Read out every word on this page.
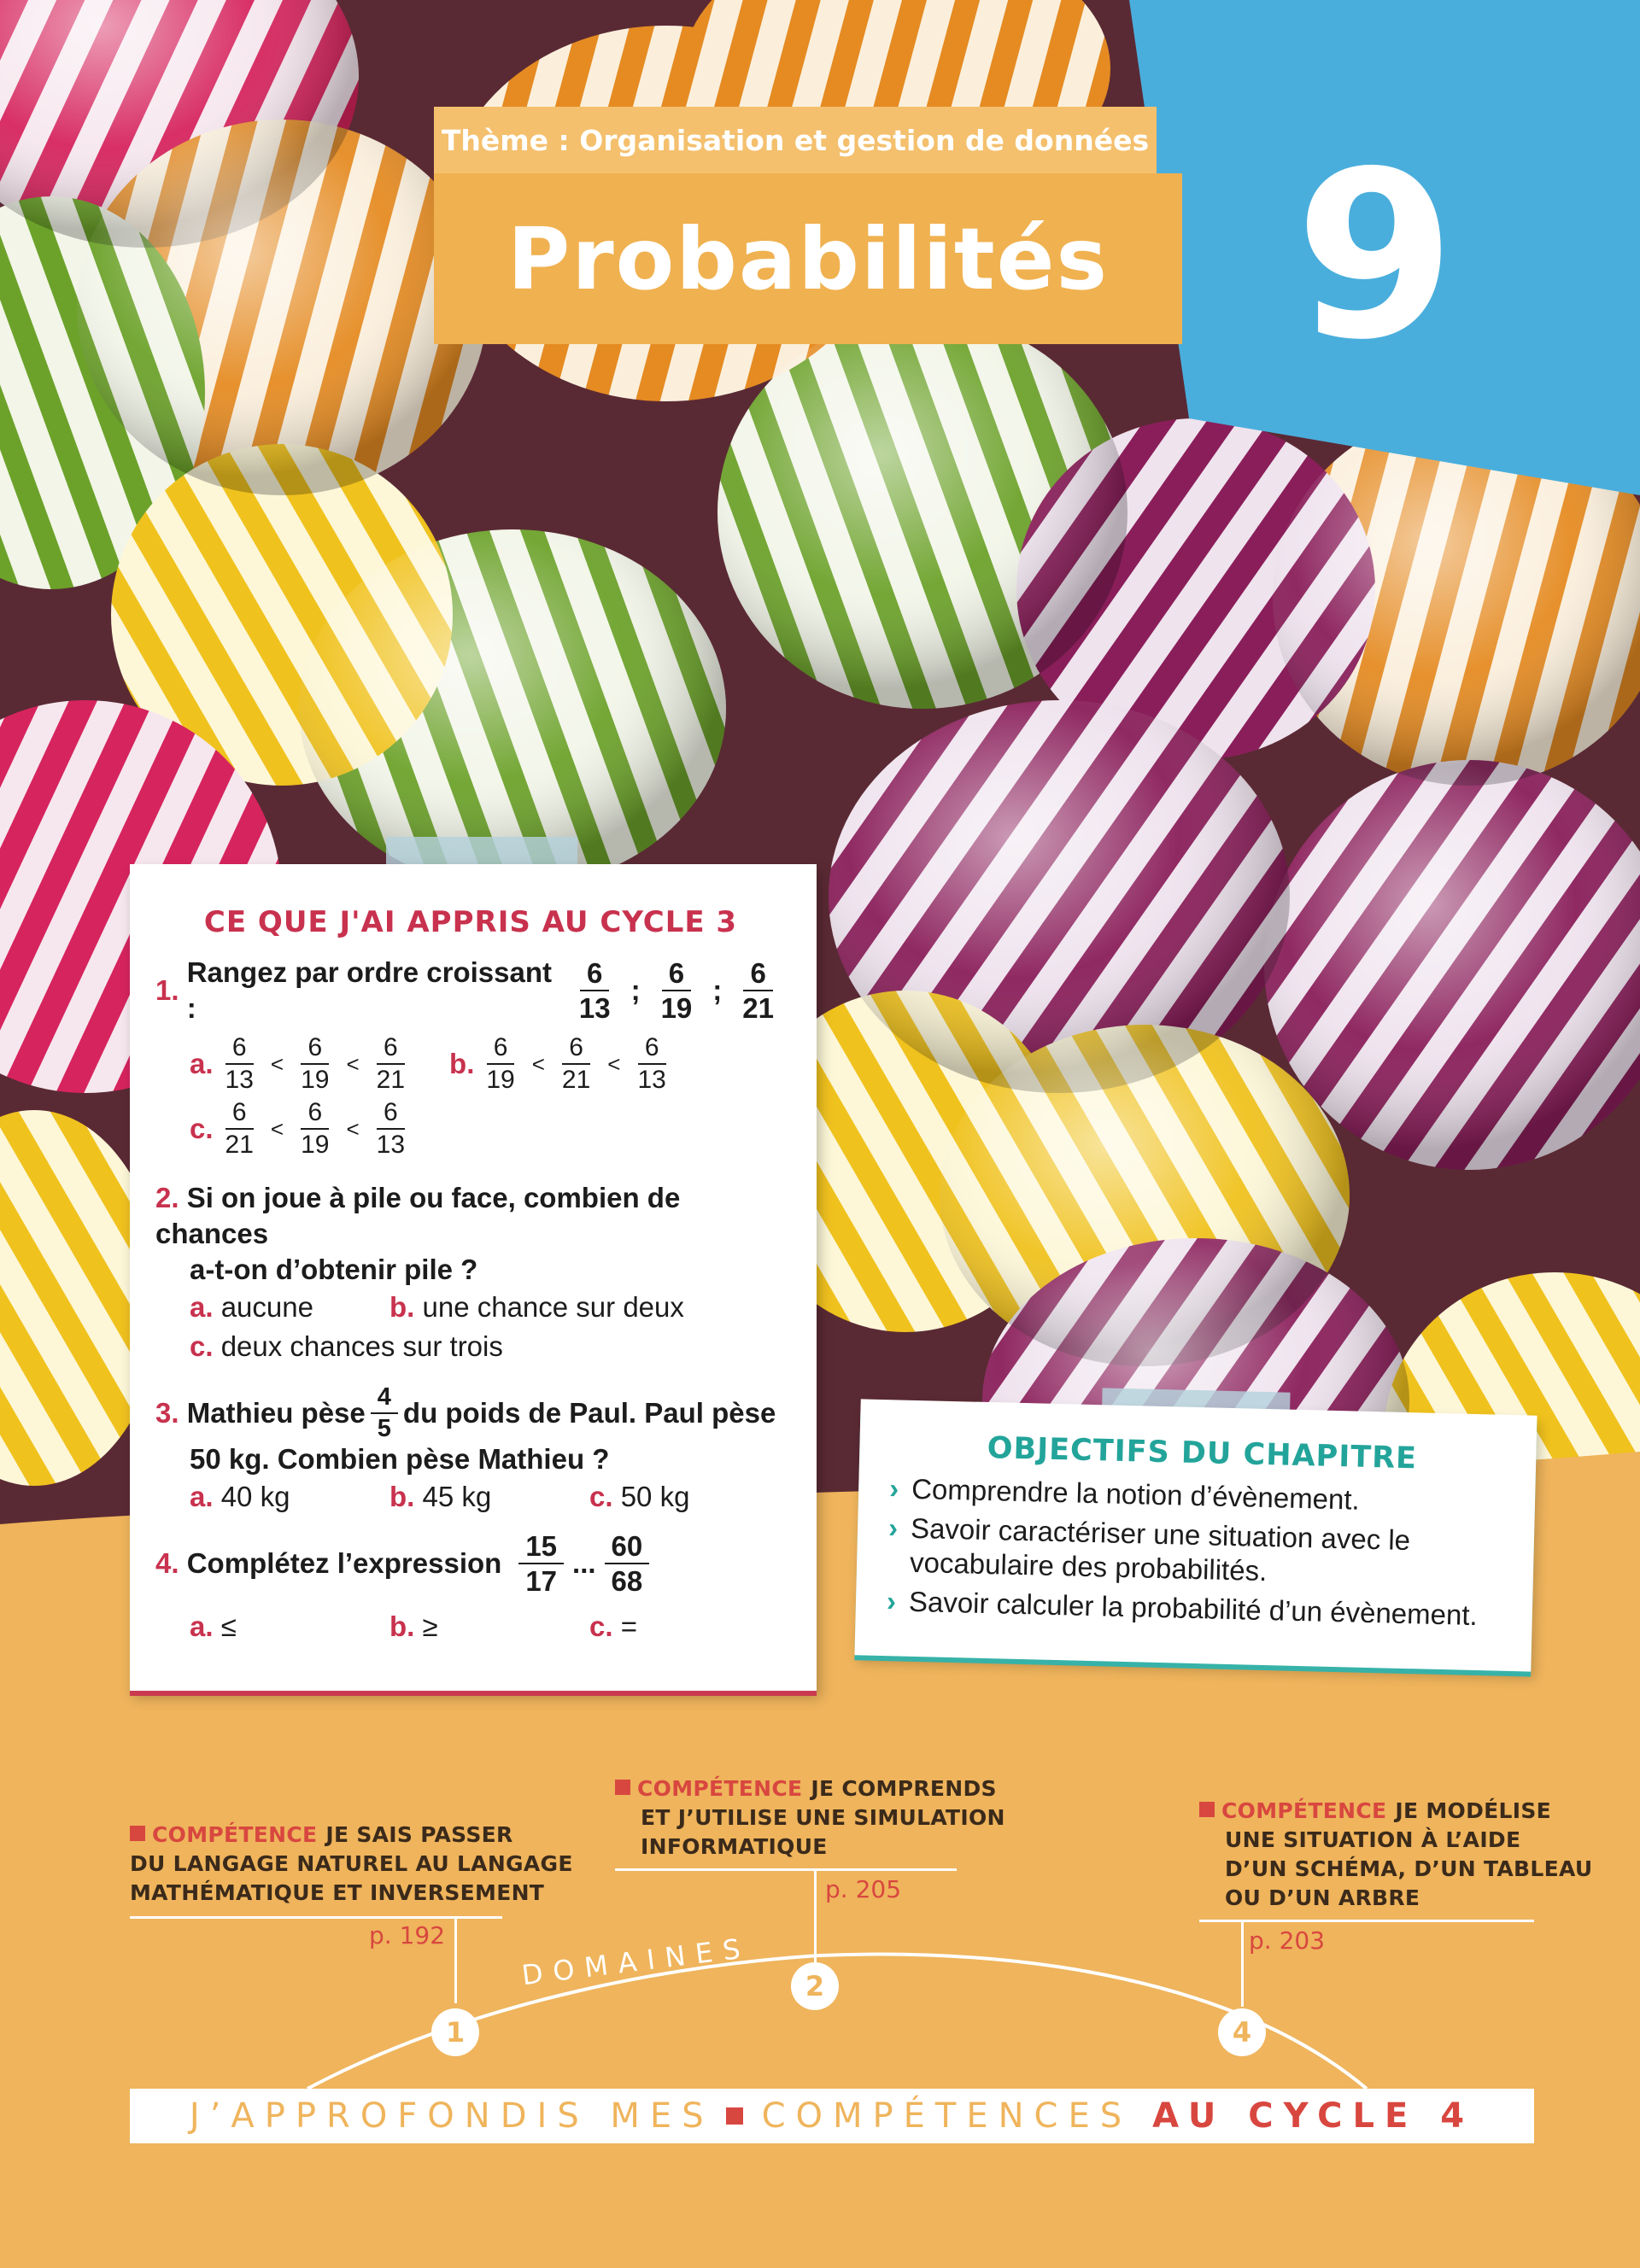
Thème : Organisation et gestion de données
Probabilités 9
CE QUE J'AI APPRIS AU CYCLE 3
1.

Rangez par ordre croissant :	$\frac{6}{13}$ ; $\frac{6}{19}$ ; $\frac{6}{21}$
a. $\frac{6}{13} < \frac{6}{19} < \frac{6}{21} b$. $\frac{6}{19} < \frac{6}{21} < \frac{6}{13}$
c. $\frac{6}{21} < \frac{6}{19} < \frac{6}{13}$
2. Si on joue à pile ou face, combien de chances
a-t-on d’obtenir pile ?
a. aucune	b. une chance sur deux
c. deux chances sur trois
3.
Mathieu pèse $\frac{4}{5}$ du poids de Paul. Paul pèse
50 kg. Combien pèse Mathieu ?
a. 40 kg	b. 45 kg	c. 50 kg
4.
Complétez l’expression $\frac{15}{17}$ ... $\frac{60}{68}$
a. ≤	b. ≥	c. =
OBJECTIFS DU CHAPITRE
› Comprendre la notion d’évènement.
› Savoir caractériser une situation avec le vocabulaire des probabilités.
› Savoir calculer la probabilité d’un évènement.
DOMAINES
COMPÉTENCE JE SAIS PASSER
DU LANGAGE NATUREL AU LANGAGE
MATHÉMATIQUE ET INVERSEMENT
p. 192
1
COMPÉTENCE JE COMPRENDS
ET J’UTILISE UNE SIMULATION
INFORMATIQUE
p. 205
2
COMPÉTENCE JE MODÉLISE
UNE SITUATION À L’AIDE
D’UN SCHÉMA, D’UN TABLEAU
OU D’UN ARBRE
p. 203
4
J’APPROFONDIS MES COMPÉTENCES AU CYCLE 4
